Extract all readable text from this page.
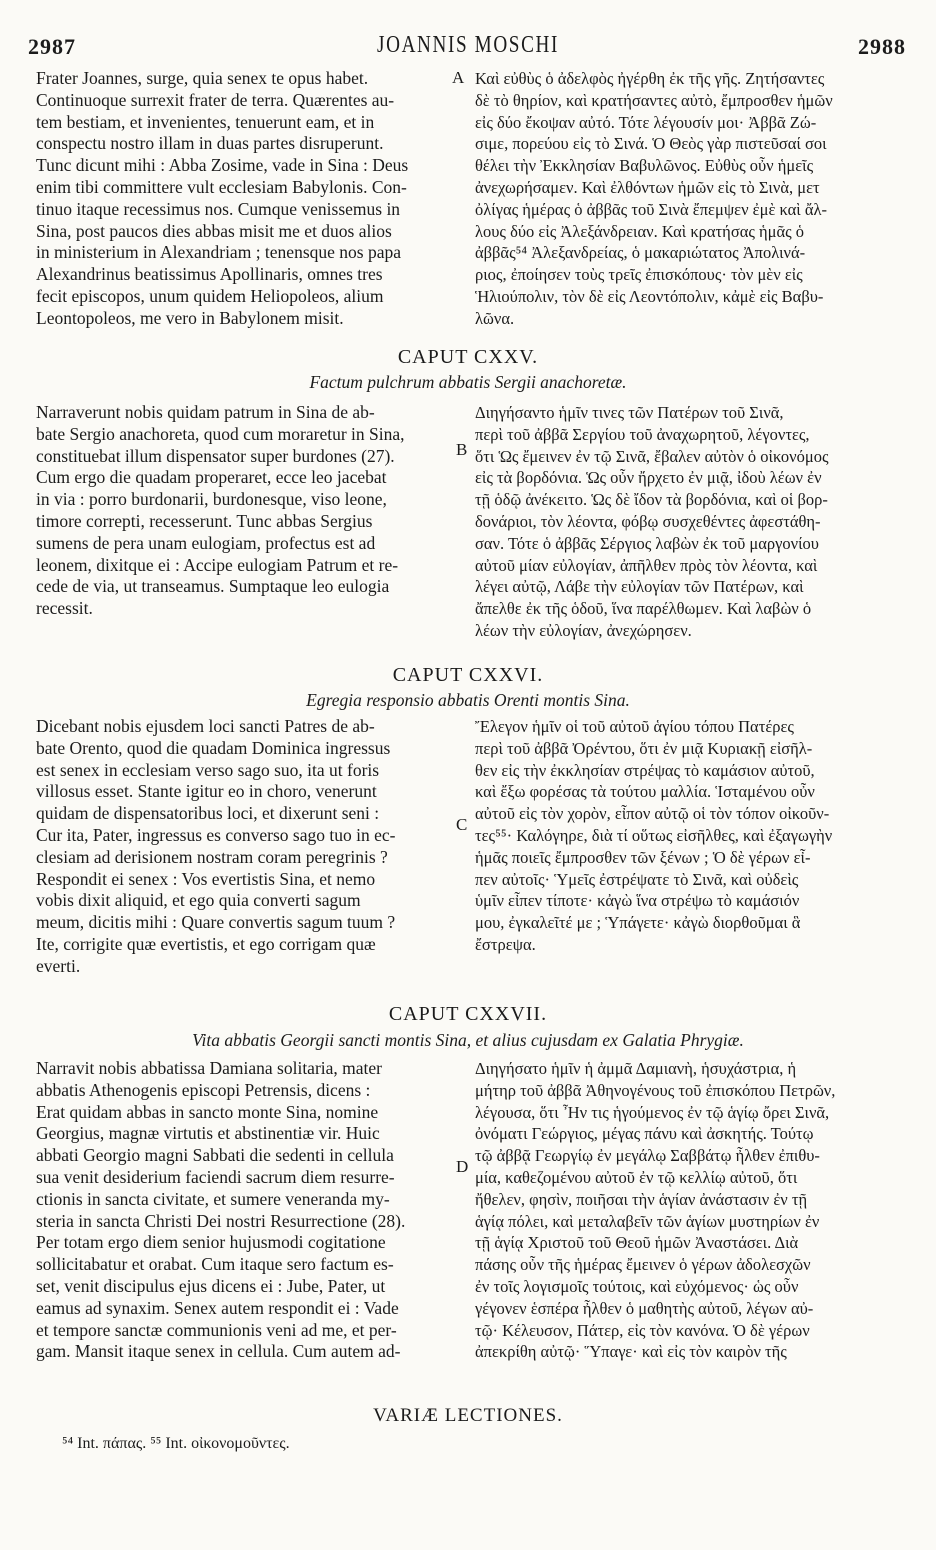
2987	JOANNIS MOSCHI	2988
Frater Joannes, surge, quia senex te opus habet.
Continuoque surrexit frater de terra. Quærentes au-
tem bestiam, et invenientes, tenuerunt eam, et in
conspectu nostro illam in duas partes disruperunt.
Tunc dicunt mihi : Abba Zosime, vade in Sina : Deus
enim tibi committere vult ecclesiam Babylonis. Con-
tinuo itaque recessimus nos. Cumque venissemus in
Sina, post paucos dies abbas misit me et duos alios
in ministerium in Alexandriam ; tenensque nos papa
Alexandrinus beatissimus Apollinaris, omnes tres
fecit episcopos, unum quidem Heliopoleos, alium
Leontopoleos, me vero in Babylonem misit.
Καὶ εὐθὺς ὁ ἀδελφὸς ἠγέρθη ἐκ τῆς γῆς. Ζητήσαντες
δὲ τὸ θηρίον, καὶ κρατήσαντες αὐτὸ, ἔμπροσθεν ἡμῶν
εἰς δύο ἔκοψαν αὐτό. Τότε λέγουσίν μοι· Ἀββᾶ Ζώ-
σιμε, πορεύου εἰς τὸ Σινά. Ὁ Θεὸς γὰρ πιστεῦσαί σοι
θέλει τὴν Ἐκκλησίαν Βαβυλῶνος. Εὐθὺς οὖν ἡμεῖς
ἀνεχωρήσαμεν. Καὶ ἐλθόντων ἡμῶν εἰς τὸ Σινὰ, μετ
ὀλίγας ἡμέρας ὁ ἀββᾶς τοῦ Σινὰ ἔπεμψεν ἐμὲ καὶ ἄλ-
λους δύο εἰς Ἀλεξάνδρειαν. Καὶ κρατήσας ἡμᾶς ὁ
ἀββᾶς⁵⁴ Ἀλεξανδρείας, ὁ μακαριώτατος Ἀπολινά-
ριος, ἐποίησεν τοὺς τρεῖς ἐπισκόπους· τὸν μὲν εἰς
Ἡλιούπολιν, τὸν δὲ εἰς Λεοντόπολιν, κἀμὲ εἰς Βαβυ-
λῶνα.
A
CAPUT CXXV.
Factum pulchrum abbatis Sergii anachoretæ.
Narraverunt nobis quidam patrum in Sina de ab-
bate Sergio anachoreta, quod cum moraretur in Sina,
constituebat illum dispensator super burdones (27).
Cum ergo die quadam properaret, ecce leo jacebat
in via : porro burdonarii, burdonesque, viso leone,
timore correpti, recesserunt. Tunc abbas Sergius
sumens de pera unam eulogiam, profectus est ad
leonem, dixitque ei : Accipe eulogiam Patrum et re-
cede de via, ut transeamus. Sumptaque leo eulogia
recessit.
Διηγήσαντο ἡμῖν τινες τῶν Πατέρων τοῦ Σινᾶ,
περὶ τοῦ ἀββᾶ Σεργίου τοῦ ἀναχωρητοῦ, λέγοντες,
ὅτι Ὡς ἔμεινεν ἐν τῷ Σινᾶ, ἔβαλεν αὐτὸν ὁ οἰκονόμος
εἰς τὰ βορδόνια. Ὡς οὖν ἤρχετο ἐν μιᾷ, ἰδοὺ λέων ἐν
τῇ ὁδῷ ἀνέκειτο. Ὡς δὲ ἴδον τὰ βορδόνια, καὶ οἱ βορ-
δονάριοι, τὸν λέοντα, φόβῳ συσχεθέντες ἀφεστάθη-
σαν. Τότε ὁ ἀββᾶς Σέργιος λαβὼν ἐκ τοῦ μαργονίου
αὐτοῦ μίαν εὐλογίαν, ἀπῆλθεν πρὸς τὸν λέοντα, καὶ
λέγει αὐτῷ, Λάβε τὴν εὐλογίαν τῶν Πατέρων, καὶ
ἄπελθε ἐκ τῆς ὁδοῦ, ἵνα παρέλθωμεν. Καὶ λαβὼν ὁ
λέων τὴν εὐλογίαν, ἀνεχώρησεν.
B
CAPUT CXXVI.
Egregia responsio abbatis Orenti montis Sina.
Dicebant nobis ejusdem loci sancti Patres de ab-
bate Orento, quod die quadam Dominica ingressus
est senex in ecclesiam verso sago suo, ita ut foris
villosus esset. Stante igitur eo in choro, venerunt
quidam de dispensatoribus loci, et dixerunt seni :
Cur ita, Pater, ingressus es converso sago tuo in ec-
clesiam ad derisionem nostram coram peregrinis ?
Respondit ei senex : Vos evertistis Sina, et nemo
vobis dixit aliquid, et ego quia converti sagum
meum, dicitis mihi : Quare convertis sagum tuum ?
Ite, corrigite quæ evertistis, et ego corrigam quæ
everti.
Ἔλεγον ἡμῖν οἱ τοῦ αὐτοῦ ἁγίου τόπου Πατέρες
περὶ τοῦ ἀββᾶ Ὀρέντου, ὅτι ἐν μιᾷ Κυριακῇ εἰσῆλ-
θεν εἰς τὴν ἐκκλησίαν στρέψας τὸ καμάσιον αὐτοῦ,
καὶ ἔξω φορέσας τὰ τούτου μαλλία. Ἱσταμένου οὖν
αὐτοῦ εἰς τὸν χορὸν, εἶπον αὐτῷ οἱ τὸν τόπον οἰκοῦν-
τες⁵⁵· Καλόγηρε, διὰ τί οὕτως εἰσῆλθες, καὶ ἐξαγωγὴν
ἡμᾶς ποιεῖς ἔμπροσθεν τῶν ξένων ; Ὁ δὲ γέρων εἶ-
πεν αὐτοῖς· Ὑμεῖς ἐστρέψατε τὸ Σινᾶ, καὶ οὐδεὶς
ὑμῖν εἶπεν τίποτε· κἀγὼ ἵνα στρέψω τὸ καμάσιόν
μου, ἐγκαλεῖτέ με ; Ὑπάγετε· κἀγὼ διορθοῦμαι ἃ
ἔστρεψα.
C
CAPUT CXXVII.
Vita abbatis Georgii sancti montis Sina, et alius cujusdam ex Galatia Phrygiæ.
Narravit nobis abbatissa Damiana solitaria, mater
abbatis Athenogenis episcopi Petrensis, dicens :
Erat quidam abbas in sancto monte Sina, nomine
Georgius, magnæ virtutis et abstinentiæ vir. Huic
abbati Georgio magni Sabbati die sedenti in cellula
sua venit desiderium faciendi sacrum diem resurre-
ctionis in sancta civitate, et sumere veneranda my-
steria in sancta Christi Dei nostri Resurrectione (28).
Per totam ergo diem senior hujusmodi cogitatione
sollicitabatur et orabat. Cum itaque sero factum es-
set, venit discipulus ejus dicens ei : Jube, Pater, ut
eamus ad synaxim. Senex autem respondit ei : Vade
et tempore sanctæ communionis veni ad me, et per-
gam. Mansit itaque senex in cellula. Cum autem ad-
Διηγήσατο ἡμῖν ἡ ἀμμᾶ Δαμιανὴ, ἡσυχάστρια, ἡ
μήτηρ τοῦ ἀββᾶ Ἀθηνογένους τοῦ ἐπισκόπου Πετρῶν,
λέγουσα, ὅτι Ἦν τις ἡγούμενος ἐν τῷ ἁγίῳ ὄρει Σινᾶ,
ὀνόματι Γεώργιος, μέγας πάνυ καὶ ἀσκητής. Τούτῳ
τῷ ἀββᾷ Γεωργίῳ ἐν μεγάλῳ Σαββάτῳ ἦλθεν ἐπιθυ-
μία, καθεζομένου αὐτοῦ ἐν τῷ κελλίῳ αὐτοῦ, ὅτι
ἤθελεν, φησὶν, ποιῆσαι τὴν ἁγίαν ἀνάστασιν ἐν τῇ
ἁγίᾳ πόλει, καὶ μεταλαβεῖν τῶν ἁγίων μυστηρίων ἐν
τῇ ἁγίᾳ Χριστοῦ τοῦ Θεοῦ ἡμῶν Ἀναστάσει. Διὰ
πάσης οὖν τῆς ἡμέρας ἔμεινεν ὁ γέρων ἀδολεσχῶν
ἐν τοῖς λογισμοῖς τούτοις, καὶ εὐχόμενος· ὡς οὖν
γέγονεν ἑσπέρα ἦλθεν ὁ μαθητὴς αὐτοῦ, λέγων αὐ-
τῷ· Κέλευσον, Πάτερ, εἰς τὸν κανόνα. Ὁ δὲ γέρων
ἀπεκρίθη αὐτῷ· Ὕπαγε· καὶ εἰς τὸν καιρὸν τῆς
D
VARIÆ LECTIONES.
⁵⁴ Int. πάπας. ⁵⁵ Int. οἰκονομοῦντες.
